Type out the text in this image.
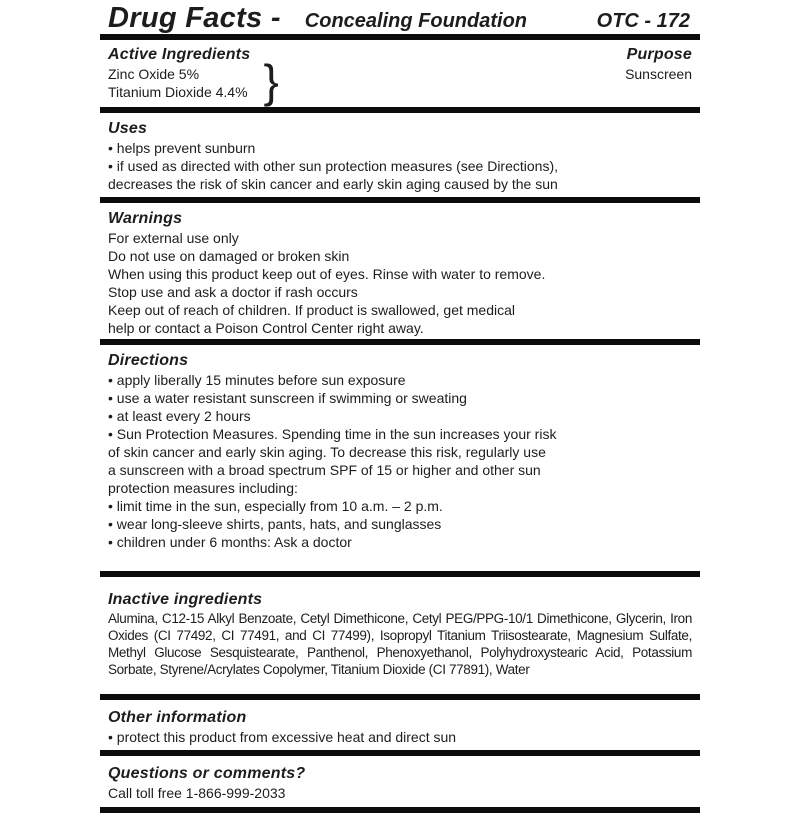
Drug Facts - Concealing Foundation	OTC - 172
Active Ingredients
Zinc Oxide 5%
Titanium Dioxide 4.4% }
Purpose
Sunscreen
Uses
• helps prevent sunburn
• if used as directed with other sun protection measures (see Directions),
decreases the risk of skin cancer and early skin aging caused by the sun
Warnings
For external use only
Do not use on damaged or broken skin
When using this product keep out of eyes. Rinse with water to remove.
Stop use and ask a doctor if rash occurs
Keep out of reach of children. If product is swallowed, get medical
help or contact a Poison Control Center right away.
Directions
• apply liberally 15 minutes before sun exposure
• use a water resistant sunscreen if swimming or sweating
• at least every 2 hours
• Sun Protection Measures. Spending time in the sun increases your risk
of skin cancer and early skin aging. To decrease this risk, regularly use
a sunscreen with a broad spectrum SPF of 15 or higher and other sun
protection measures including:
• limit time in the sun, especially from 10 a.m. – 2 p.m.
• wear long-sleeve shirts, pants, hats, and sunglasses
• children under 6 months: Ask a doctor
Inactive ingredients
Alumina, C12-15 Alkyl Benzoate, Cetyl Dimethicone, Cetyl PEG/PPG-10/1 Dimethicone, Glycerin, Iron Oxides (CI 77492, CI 77491, and CI 77499), Isopropyl Titanium Triisostearate, Magnesium Sulfate, Methyl Glucose Sesquistearate, Panthenol, Phenoxyethanol, Polyhydroxystearic Acid, Potassium Sorbate, Styrene/Acrylates Copolymer, Titanium Dioxide (CI 77891), Water
Other information
• protect this product from excessive heat and direct sun
Questions or comments?
Call toll free 1-866-999-2033
